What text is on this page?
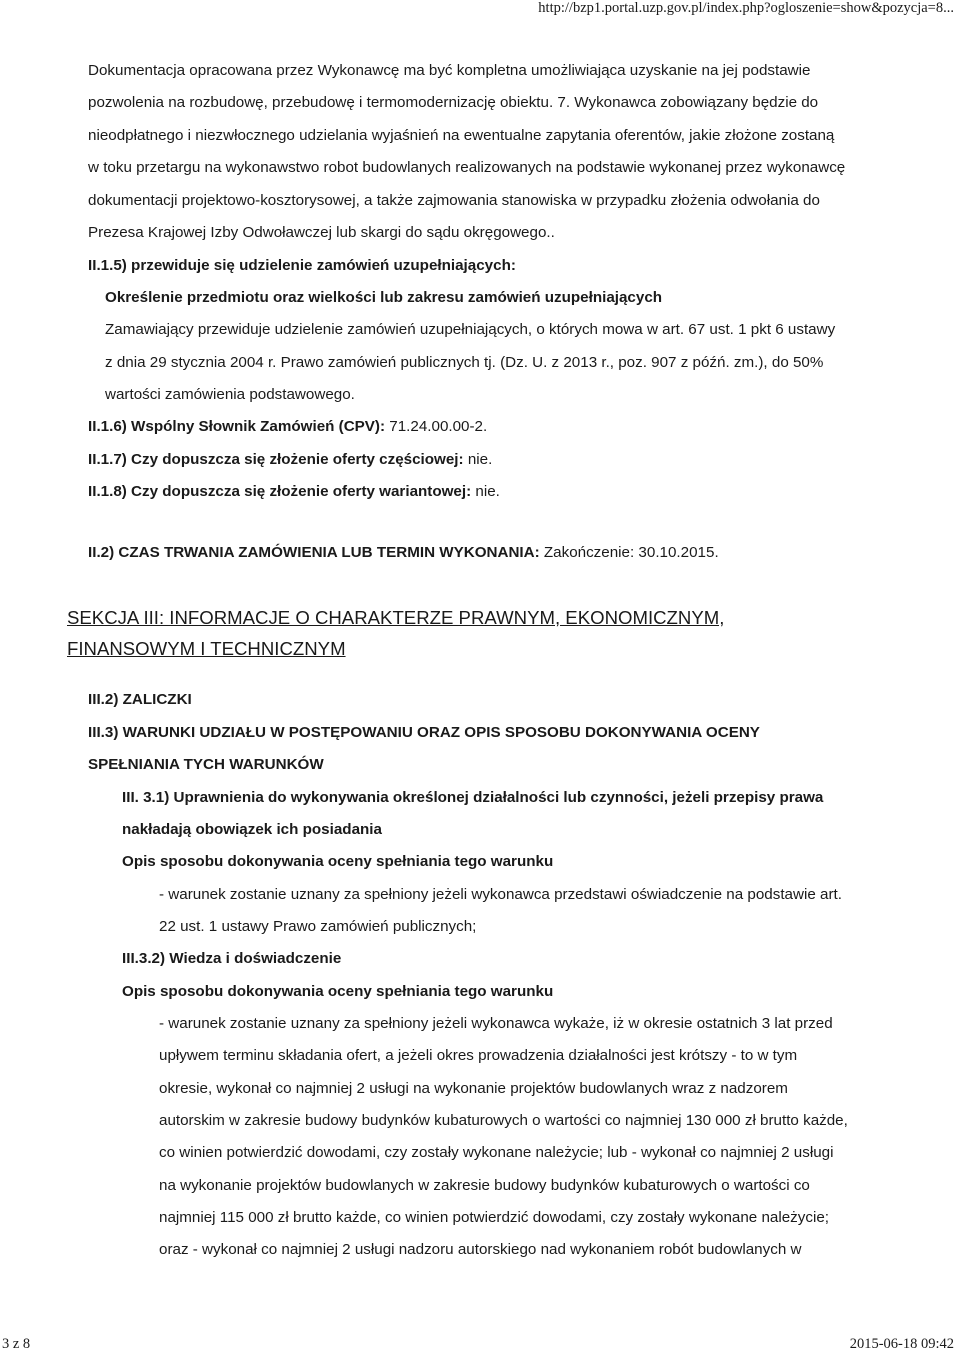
http://bzp1.portal.uzp.gov.pl/index.php?ogloszenie=show&pozycja=8...
Dokumentacja opracowana przez Wykonawcę ma być kompletna umożliwiająca uzyskanie na jej podstawie
pozwolenia na rozbudowę, przebudowę i termomodernizację obiektu. 7. Wykonawca zobowiązany będzie do
nieodpłatnego i niezwłocznego udzielania wyjaśnień na ewentualne zapytania oferentów, jakie złożone zostaną
w toku przetargu na wykonawstwo robot budowlanych realizowanych na podstawie wykonanej przez wykonawcę
dokumentacji projektowo-kosztorysowej, a także zajmowania stanowiska w przypadku złożenia odwołania do
Prezesa Krajowej Izby Odwoławczej lub skargi do sądu okręgowego..
II.1.5) przewiduje się udzielenie zamówień uzupełniających:
Określenie przedmiotu oraz wielkości lub zakresu zamówień uzupełniających
Zamawiający przewiduje udzielenie zamówień uzupełniających, o których mowa w art. 67 ust. 1 pkt 6 ustawy
z dnia 29 stycznia 2004 r. Prawo zamówień publicznych tj. (Dz. U. z 2013 r., poz. 907 z późń. zm.), do 50%
wartości zamówienia podstawowego.
II.1.6) Wspólny Słownik Zamówień (CPV): 71.24.00.00-2.
II.1.7) Czy dopuszcza się złożenie oferty częściowej: nie.
II.1.8) Czy dopuszcza się złożenie oferty wariantowej: nie.
II.2) CZAS TRWANIA ZAMÓWIENIA LUB TERMIN WYKONANIA: Zakończenie: 30.10.2015.
SEKCJA III: INFORMACJE O CHARAKTERZE PRAWNYM, EKONOMICZNYM,
FINANSOWYM I TECHNICZNYM
III.2) ZALICZKI
III.3) WARUNKI UDZIAŁU W POSTĘPOWANIU ORAZ OPIS SPOSOBU DOKONYWANIA OCENY
SPEŁNIANIA TYCH WARUNKÓW
III. 3.1) Uprawnienia do wykonywania określonej działalności lub czynności, jeżeli przepisy prawa
nakładają obowiązek ich posiadania
Opis sposobu dokonywania oceny spełniania tego warunku
- warunek zostanie uznany za spełniony jeżeli wykonawca przedstawi oświadczenie na podstawie art.
22 ust. 1 ustawy Prawo zamówień publicznych;
III.3.2) Wiedza i doświadczenie
Opis sposobu dokonywania oceny spełniania tego warunku
- warunek zostanie uznany za spełniony jeżeli wykonawca wykaże, iż w okresie ostatnich 3 lat przed
upływem terminu składania ofert, a jeżeli okres prowadzenia działalności jest krótszy - to w tym
okresie, wykonał co najmniej 2 usługi na wykonanie projektów budowlanych wraz z nadzorem
autorskim w zakresie budowy budynków kubaturowych o wartości co najmniej 130 000 zł brutto każde,
co winien potwierdzić dowodami, czy zostały wykonane należycie; lub - wykonał co najmniej 2 usługi
na wykonanie projektów budowlanych w zakresie budowy budynków kubaturowych o wartości co
najmniej 115 000 zł brutto każde, co winien potwierdzić dowodami, czy zostały wykonane należycie;
oraz - wykonał co najmniej 2 usługi nadzoru autorskiego nad wykonaniem robót budowlanych w
3 z 8	2015-06-18 09:42
